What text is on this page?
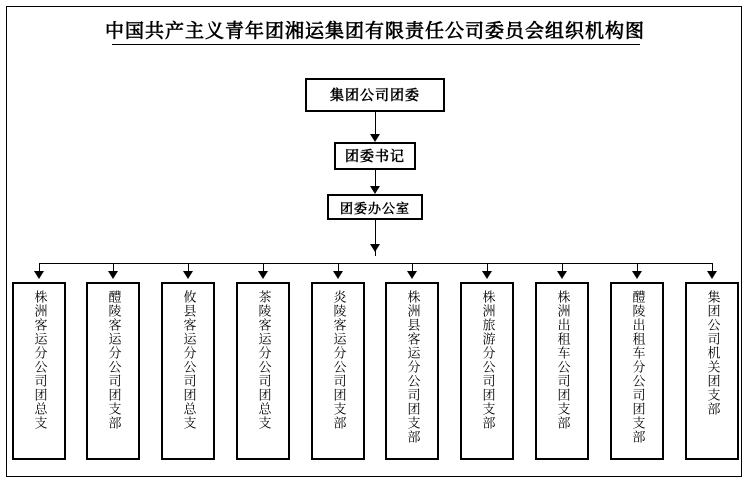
中国共产主义青年团湘运集团有限责任公司委员会组织机构图
集团公司团委
团委书记
团委办公室
株洲客运分公司团总支	醴陵客运分公司团支部	攸县客运分公司团总支	茶陵客运分公司团总支	炎陵客运分公司团支部	株洲县客运分公司团支部	株洲旅游分公司团支部	株洲出租车公司团支部	醴陵出租车分公司团支部	集团公司机关团支部
